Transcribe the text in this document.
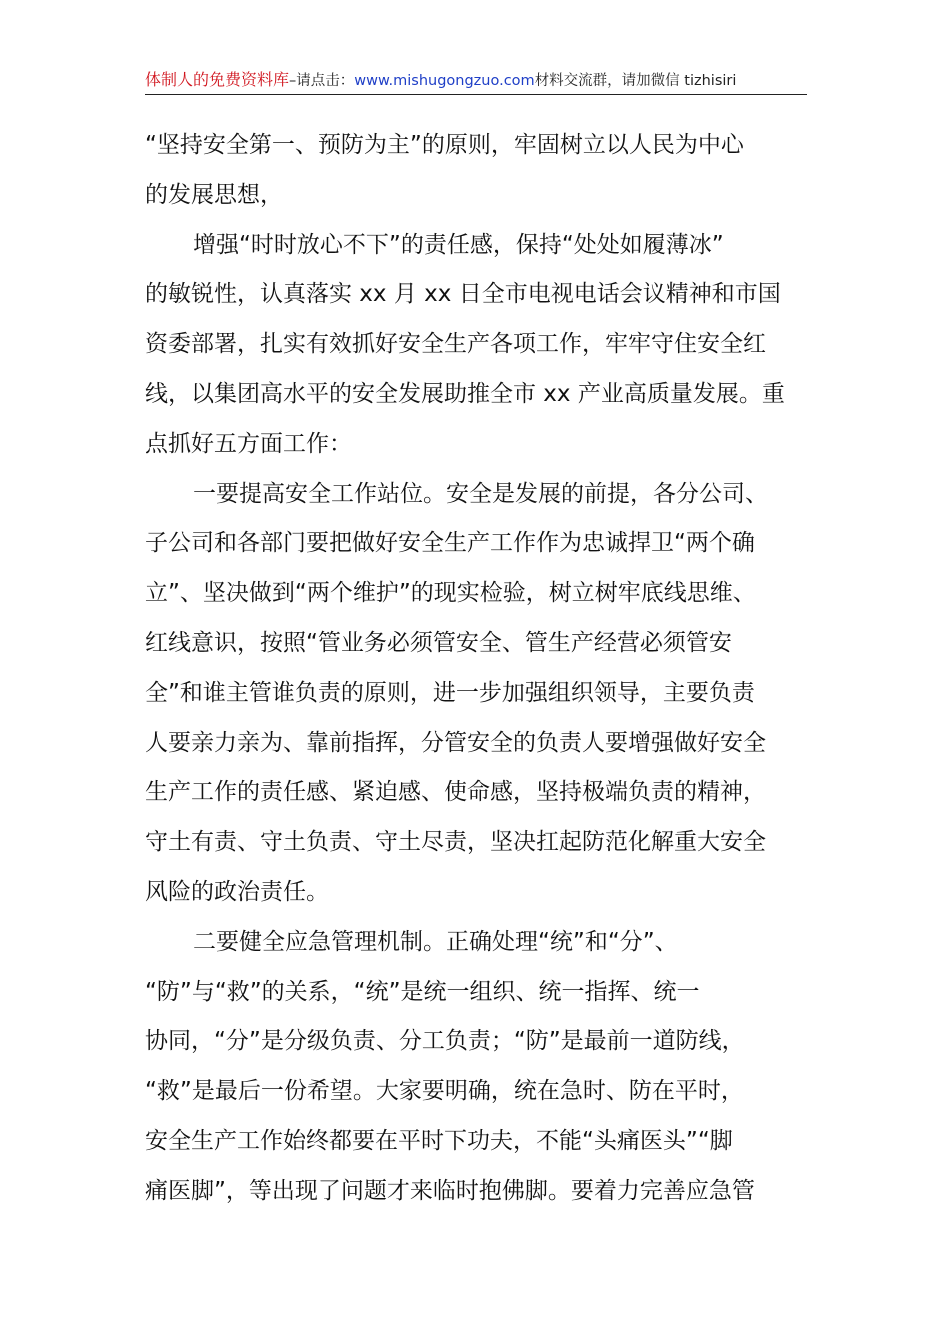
体制人的免费资料库–请点击：www.mishugongzuo.com材料交流群，请加微信 tizhisiri
“坚持安全第一、预防为主”的原则，牢固树立以人民为中心
的发展思想，
增强“时时放心不下”的责任感，保持“处处如履薄冰”
的敏锐性，认真落实 xx 月 xx 日全市电视电话会议精神和市国
资委部署，扎实有效抓好安全生产各项工作，牢牢守住安全红
线，以集团高水平的安全发展助推全市 xx 产业高质量发展。重
点抓好五方面工作：
一要提高安全工作站位。安全是发展的前提，各分公司、
子公司和各部门要把做好安全生产工作作为忠诚捍卫“两个确
立”、坚决做到“两个维护”的现实检验，树立树牢底线思维、
红线意识，按照“管业务必须管安全、管生产经营必须管安
全”和谁主管谁负责的原则，进一步加强组织领导，主要负责
人要亲力亲为、靠前指挥，分管安全的负责人要增强做好安全
生产工作的责任感、紧迫感、使命感，坚持极端负责的精神，
守土有责、守土负责、守土尽责，坚决扛起防范化解重大安全
风险的政治责任。
二要健全应急管理机制。正确处理“统”和“分”、
“防”与“救”的关系，“统”是统一组织、统一指挥、统一
协同，“分”是分级负责、分工负责；“防”是最前一道防线，
“救”是最后一份希望。大家要明确，统在急时、防在平时，
安全生产工作始终都要在平时下功夫，不能“头痛医头”“脚
痛医脚”，等出现了问题才来临时抱佛脚。要着力完善应急管
